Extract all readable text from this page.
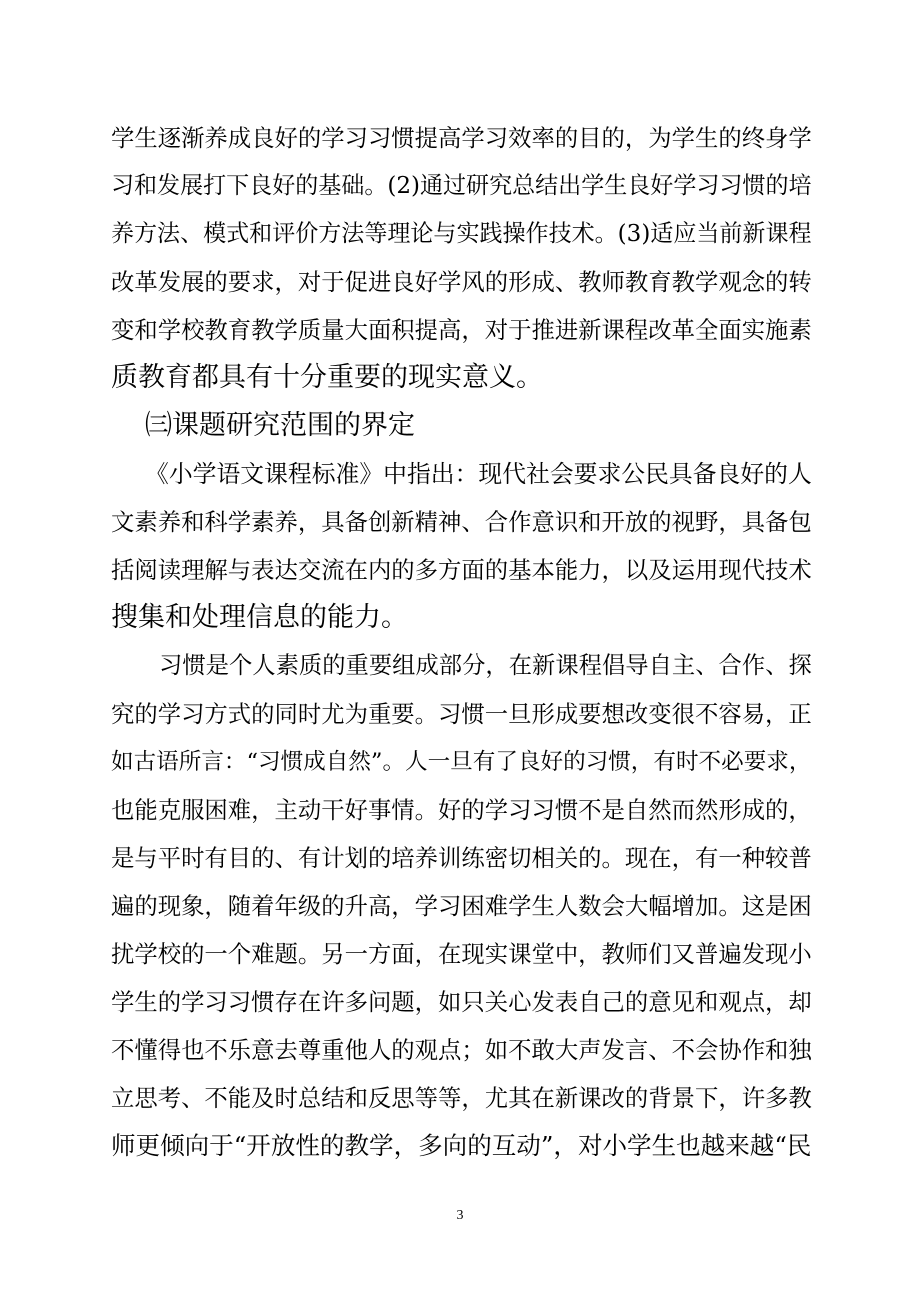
学生逐渐养成良好的学习习惯提高学习效率的目的，为学生的终身学
习和发展打下良好的基础。(2)通过研究总结出学生良好学习习惯的培
养方法、模式和评价方法等理论与实践操作技术。(3)适应当前新课程
改革发展的要求，对于促进良好学风的形成、教师教育教学观念的转
变和学校教育教学质量大面积提高，对于推进新课程改革全面实施素
质教育都具有十分重要的现实意义。
㈢课题研究范围的界定
《小学语文课程标准》中指出：现代社会要求公民具备良好的人
文素养和科学素养，具备创新精神、合作意识和开放的视野，具备包
括阅读理解与表达交流在内的多方面的基本能力，以及运用现代技术
搜集和处理信息的能力。
习惯是个人素质的重要组成部分，在新课程倡导自主、合作、探
究的学习方式的同时尤为重要。习惯一旦形成要想改变很不容易，正
如古语所言：“习惯成自然”。人一旦有了良好的习惯，有时不必要求，
也能克服困难，主动干好事情。好的学习习惯不是自然而然形成的，
是与平时有目的、有计划的培养训练密切相关的。现在，有一种较普
遍的现象，随着年级的升高，学习困难学生人数会大幅增加。这是困
扰学校的一个难题。另一方面，在现实课堂中，教师们又普遍发现小
学生的学习习惯存在许多问题，如只关心发表自己的意见和观点，却
不懂得也不乐意去尊重他人的观点；如不敢大声发言、不会协作和独
立思考、不能及时总结和反思等等，尤其在新课改的背景下，许多教
师更倾向于“开放性的教学，多向的互动”，对小学生也越来越“民
3
